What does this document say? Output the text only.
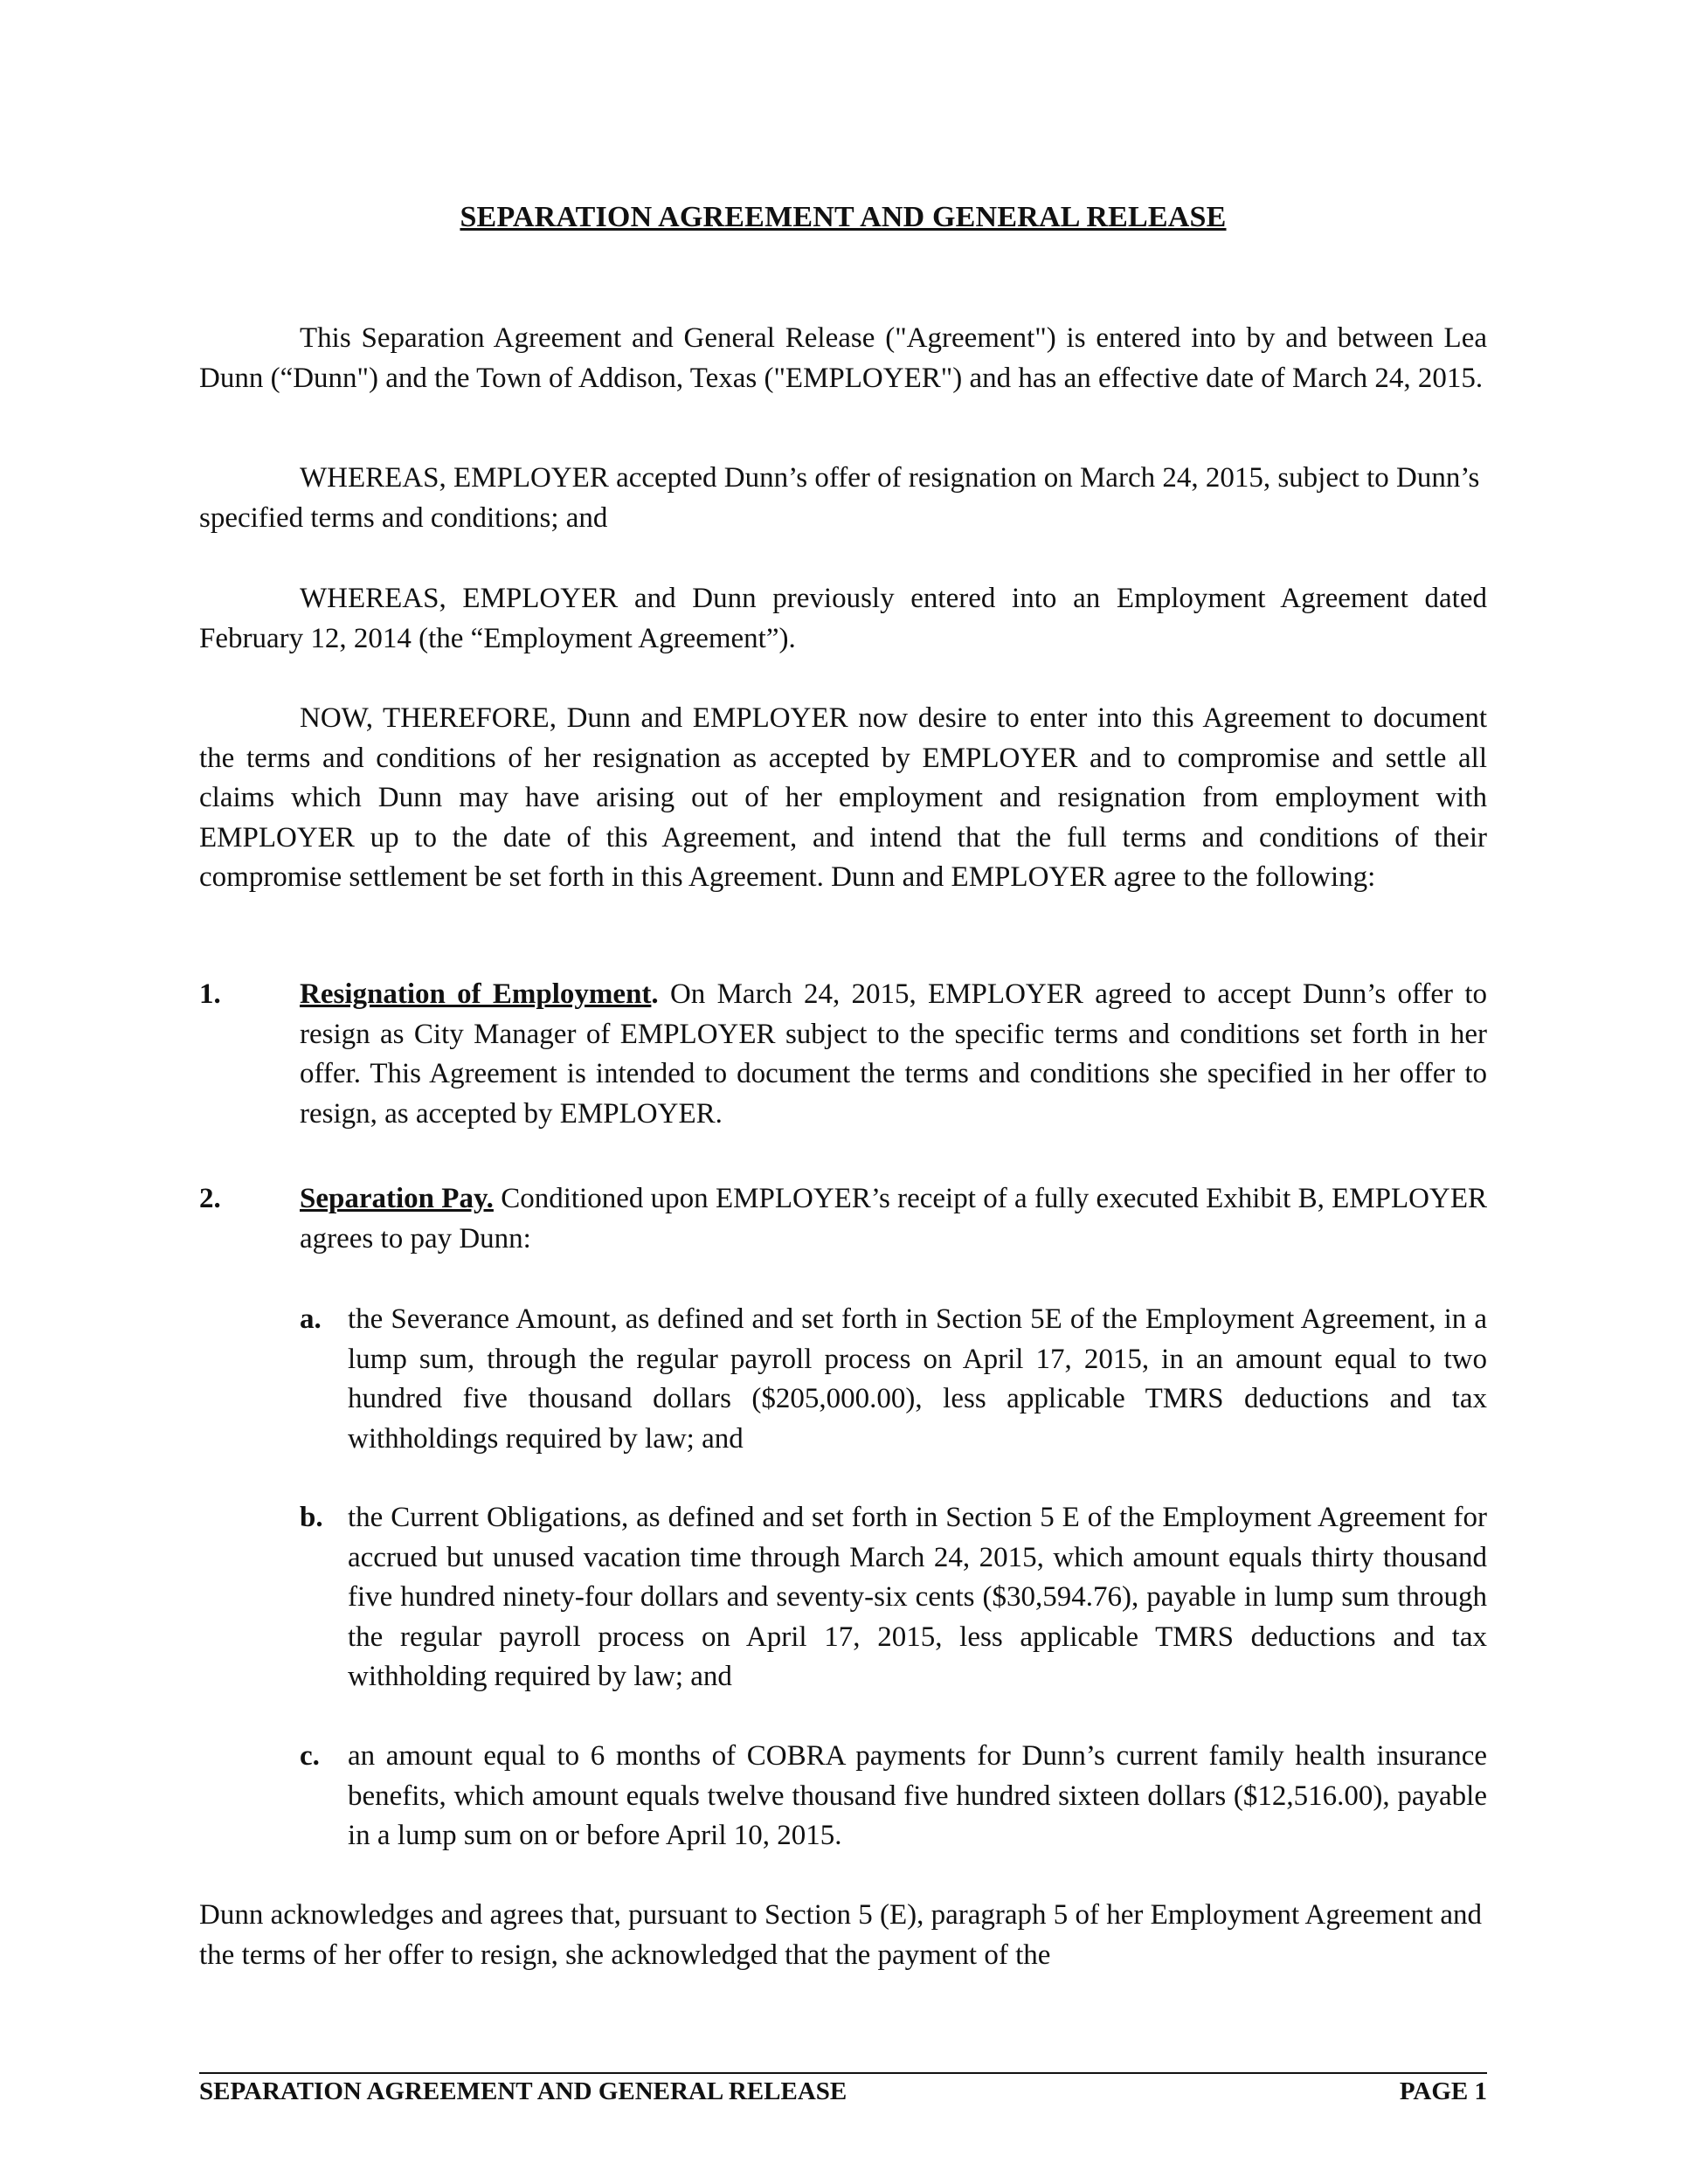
SEPARATION AGREEMENT AND GENERAL RELEASE

This Separation Agreement and General Release ("Agreement") is entered into by and between Lea Dunn (“Dunn") and the Town of Addison, Texas ("EMPLOYER") and has an effective date of March 24, 2015.

WHEREAS, EMPLOYER accepted Dunn’s offer of resignation on March 24, 2015, subject to Dunn’s specified terms and conditions; and

WHEREAS, EMPLOYER and Dunn previously entered into an Employment Agreement dated February 12, 2014 (the “Employment Agreement”).

NOW, THEREFORE, Dunn and EMPLOYER now desire to enter into this Agreement to document the terms and conditions of her resignation as accepted by EMPLOYER and to compromise and settle all claims which Dunn may have arising out of her employment and resignation from employment with EMPLOYER up to the date of this Agreement, and intend that the full terms and conditions of their compromise settlement be set forth in this Agreement. Dunn and EMPLOYER agree to the following:

1.	Resignation of Employment. On March 24, 2015, EMPLOYER agreed to accept Dunn’s offer to resign as City Manager of EMPLOYER subject to the specific terms and conditions set forth in her offer. This Agreement is intended to document the terms and conditions she specified in her offer to resign, as accepted by EMPLOYER.
2.	Separation Pay. Conditioned upon EMPLOYER’s receipt of a fully executed Exhibit B, EMPLOYER agrees to pay Dunn:
a. the Severance Amount, as defined and set forth in Section 5E of the Employment Agreement, in a lump sum, through the regular payroll process on April 17, 2015, in an amount equal to two hundred five thousand dollars ($205,000.00), less applicable TMRS deductions and tax withholdings required by law; and
b. the Current Obligations, as defined and set forth in Section 5 E of the Employment Agreement for accrued but unused vacation time through March 24, 2015, which amount equals thirty thousand five hundred ninety-four dollars and seventy-six cents ($30,594.76), payable in lump sum through the regular payroll process on April 17, 2015, less applicable TMRS deductions and tax withholding required by law; and
c. an amount equal to 6 months of COBRA payments for Dunn’s current family health insurance benefits, which amount equals twelve thousand five hundred sixteen dollars ($12,516.00), payable in a lump sum on or before April 10, 2015.

Dunn acknowledges and agrees that, pursuant to Section 5 (E), paragraph 5 of her Employment Agreement and the terms of her offer to resign, she acknowledged that the payment of the

SEPARATION AGREEMENT AND GENERAL RELEASE	PAGE 1
